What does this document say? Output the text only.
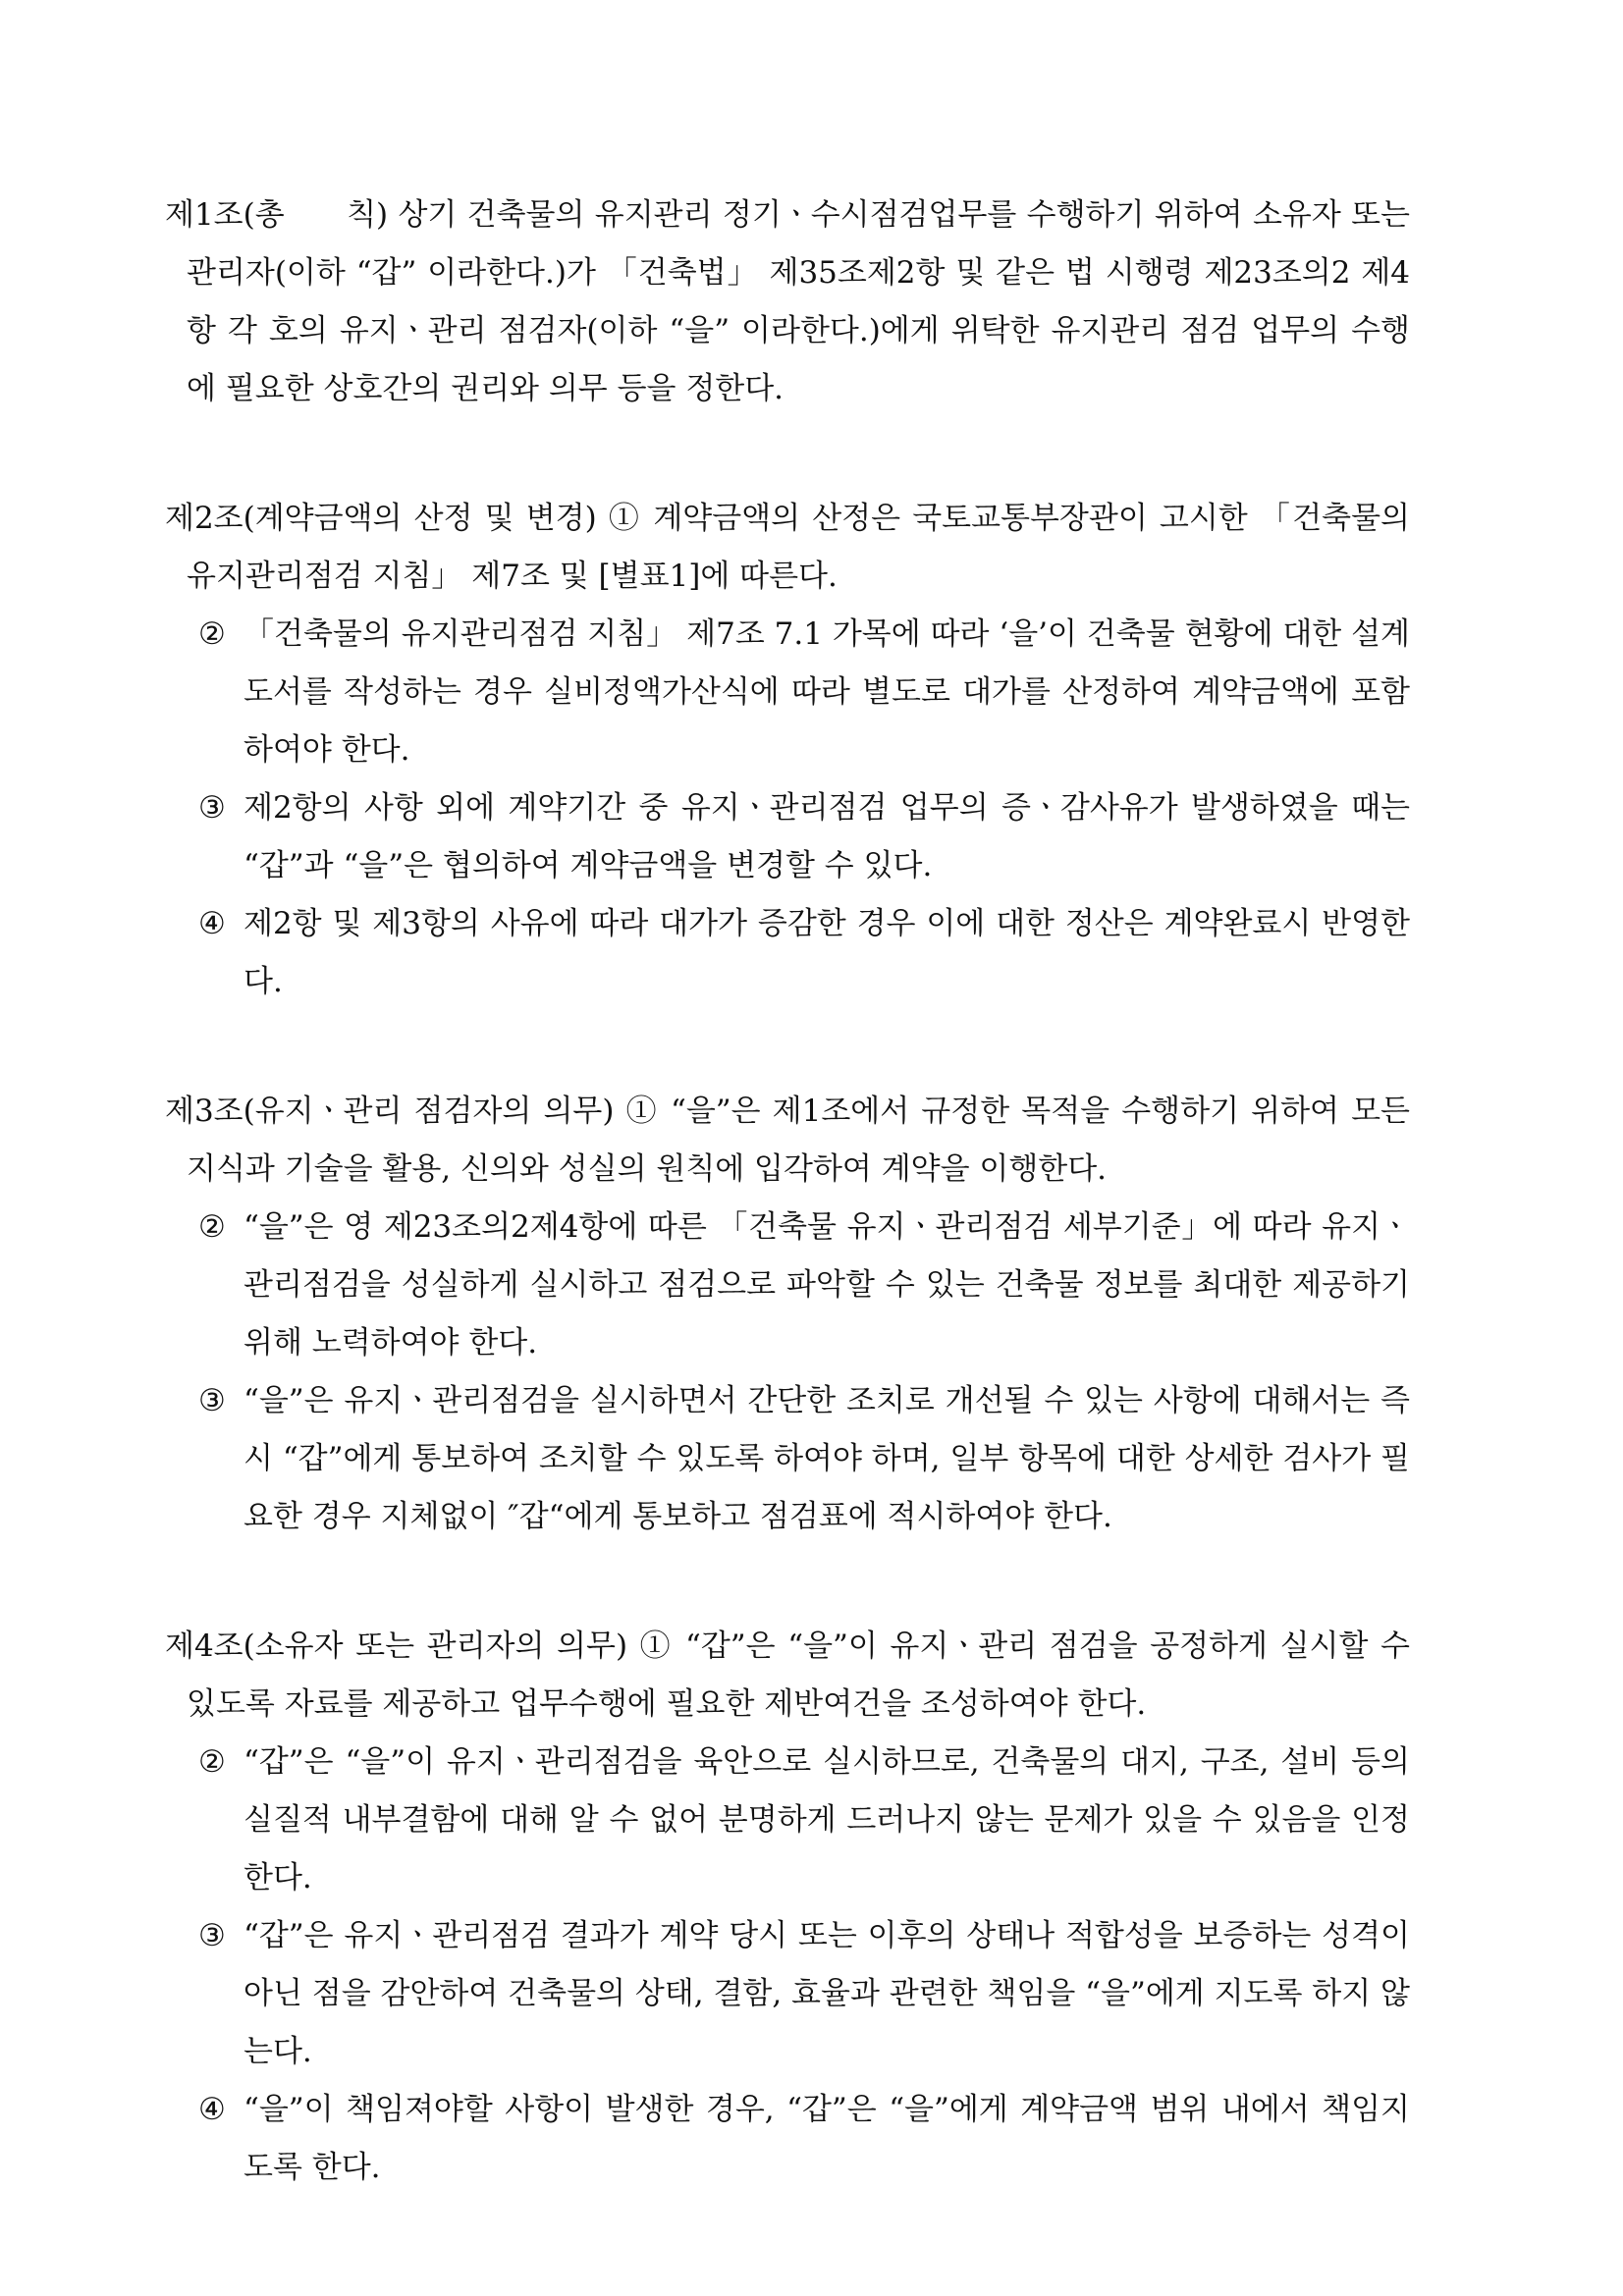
제1조(총　　칙) 상기 건축물의 유지관리 정기ㆍ수시점검업무를 수행하기 위하여 소유자 또는 관리자(이하 “갑” 이라한다.)가 「건축법」 제35조제2항 및 같은 법 시행령 제23조의2 제4항 각 호의 유지ㆍ관리 점검자(이하 “을” 이라한다.)에게 위탁한 유지관리 점검 업무의 수행에 필요한 상호간의 권리와 의무 등을 정한다.
제2조(계약금액의 산정 및 변경) ① 계약금액의 산정은 국토교통부장관이 고시한 「건축물의 유지관리점검 지침」 제7조 및 [별표1]에 따른다.
② 「건축물의 유지관리점검 지침」 제7조 7.1 가목에 따라 ‘을’이 건축물 현황에 대한 설계도서를 작성하는 경우 실비정액가산식에 따라 별도로 대가를 산정하여 계약금액에 포함하여야 한다.
③ 제2항의 사항 외에 계약기간 중 유지ㆍ관리점검 업무의 증ㆍ감사유가 발생하였을 때는 “갑”과 “을”은 협의하여 계약금액을 변경할 수 있다.
④ 제2항 및 제3항의 사유에 따라 대가가 증감한 경우 이에 대한 정산은 계약완료시 반영한다.
제3조(유지ㆍ관리 점검자의 의무) ① “을”은 제1조에서 규정한 목적을 수행하기 위하여 모든 지식과 기술을 활용, 신의와 성실의 원칙에 입각하여 계약을 이행한다.
② “을”은 영 제23조의2제4항에 따른 「건축물 유지ㆍ관리점검 세부기준」에 따라 유지ㆍ관리점검을 성실하게 실시하고 점검으로 파악할 수 있는 건축물 정보를 최대한 제공하기 위해 노력하여야 한다.
③ “을”은 유지ㆍ관리점검을 실시하면서 간단한 조치로 개선될 수 있는 사항에 대해서는 즉시 “갑”에게 통보하여 조치할 수 있도록 하여야 하며, 일부 항목에 대한 상세한 검사가 필요한 경우 지체없이 ″갑“에게 통보하고 점검표에 적시하여야 한다.
제4조(소유자 또는 관리자의 의무) ① “갑”은 “을”이 유지ㆍ관리 점검을 공정하게 실시할 수 있도록 자료를 제공하고 업무수행에 필요한 제반여건을 조성하여야 한다.
② “갑”은 “을”이 유지ㆍ관리점검을 육안으로 실시하므로, 건축물의 대지, 구조, 설비 등의 실질적 내부결함에 대해 알 수 없어 분명하게 드러나지 않는 문제가 있을 수 있음을 인정한다.
③ “갑”은 유지ㆍ관리점검 결과가 계약 당시 또는 이후의 상태나 적합성을 보증하는 성격이 아닌 점을 감안하여 건축물의 상태, 결함, 효율과 관련한 책임을 “을”에게 지도록 하지 않는다.
④ “을”이 책임져야할 사항이 발생한 경우, “갑”은 “을”에게 계약금액 범위 내에서 책임지도록 한다.
